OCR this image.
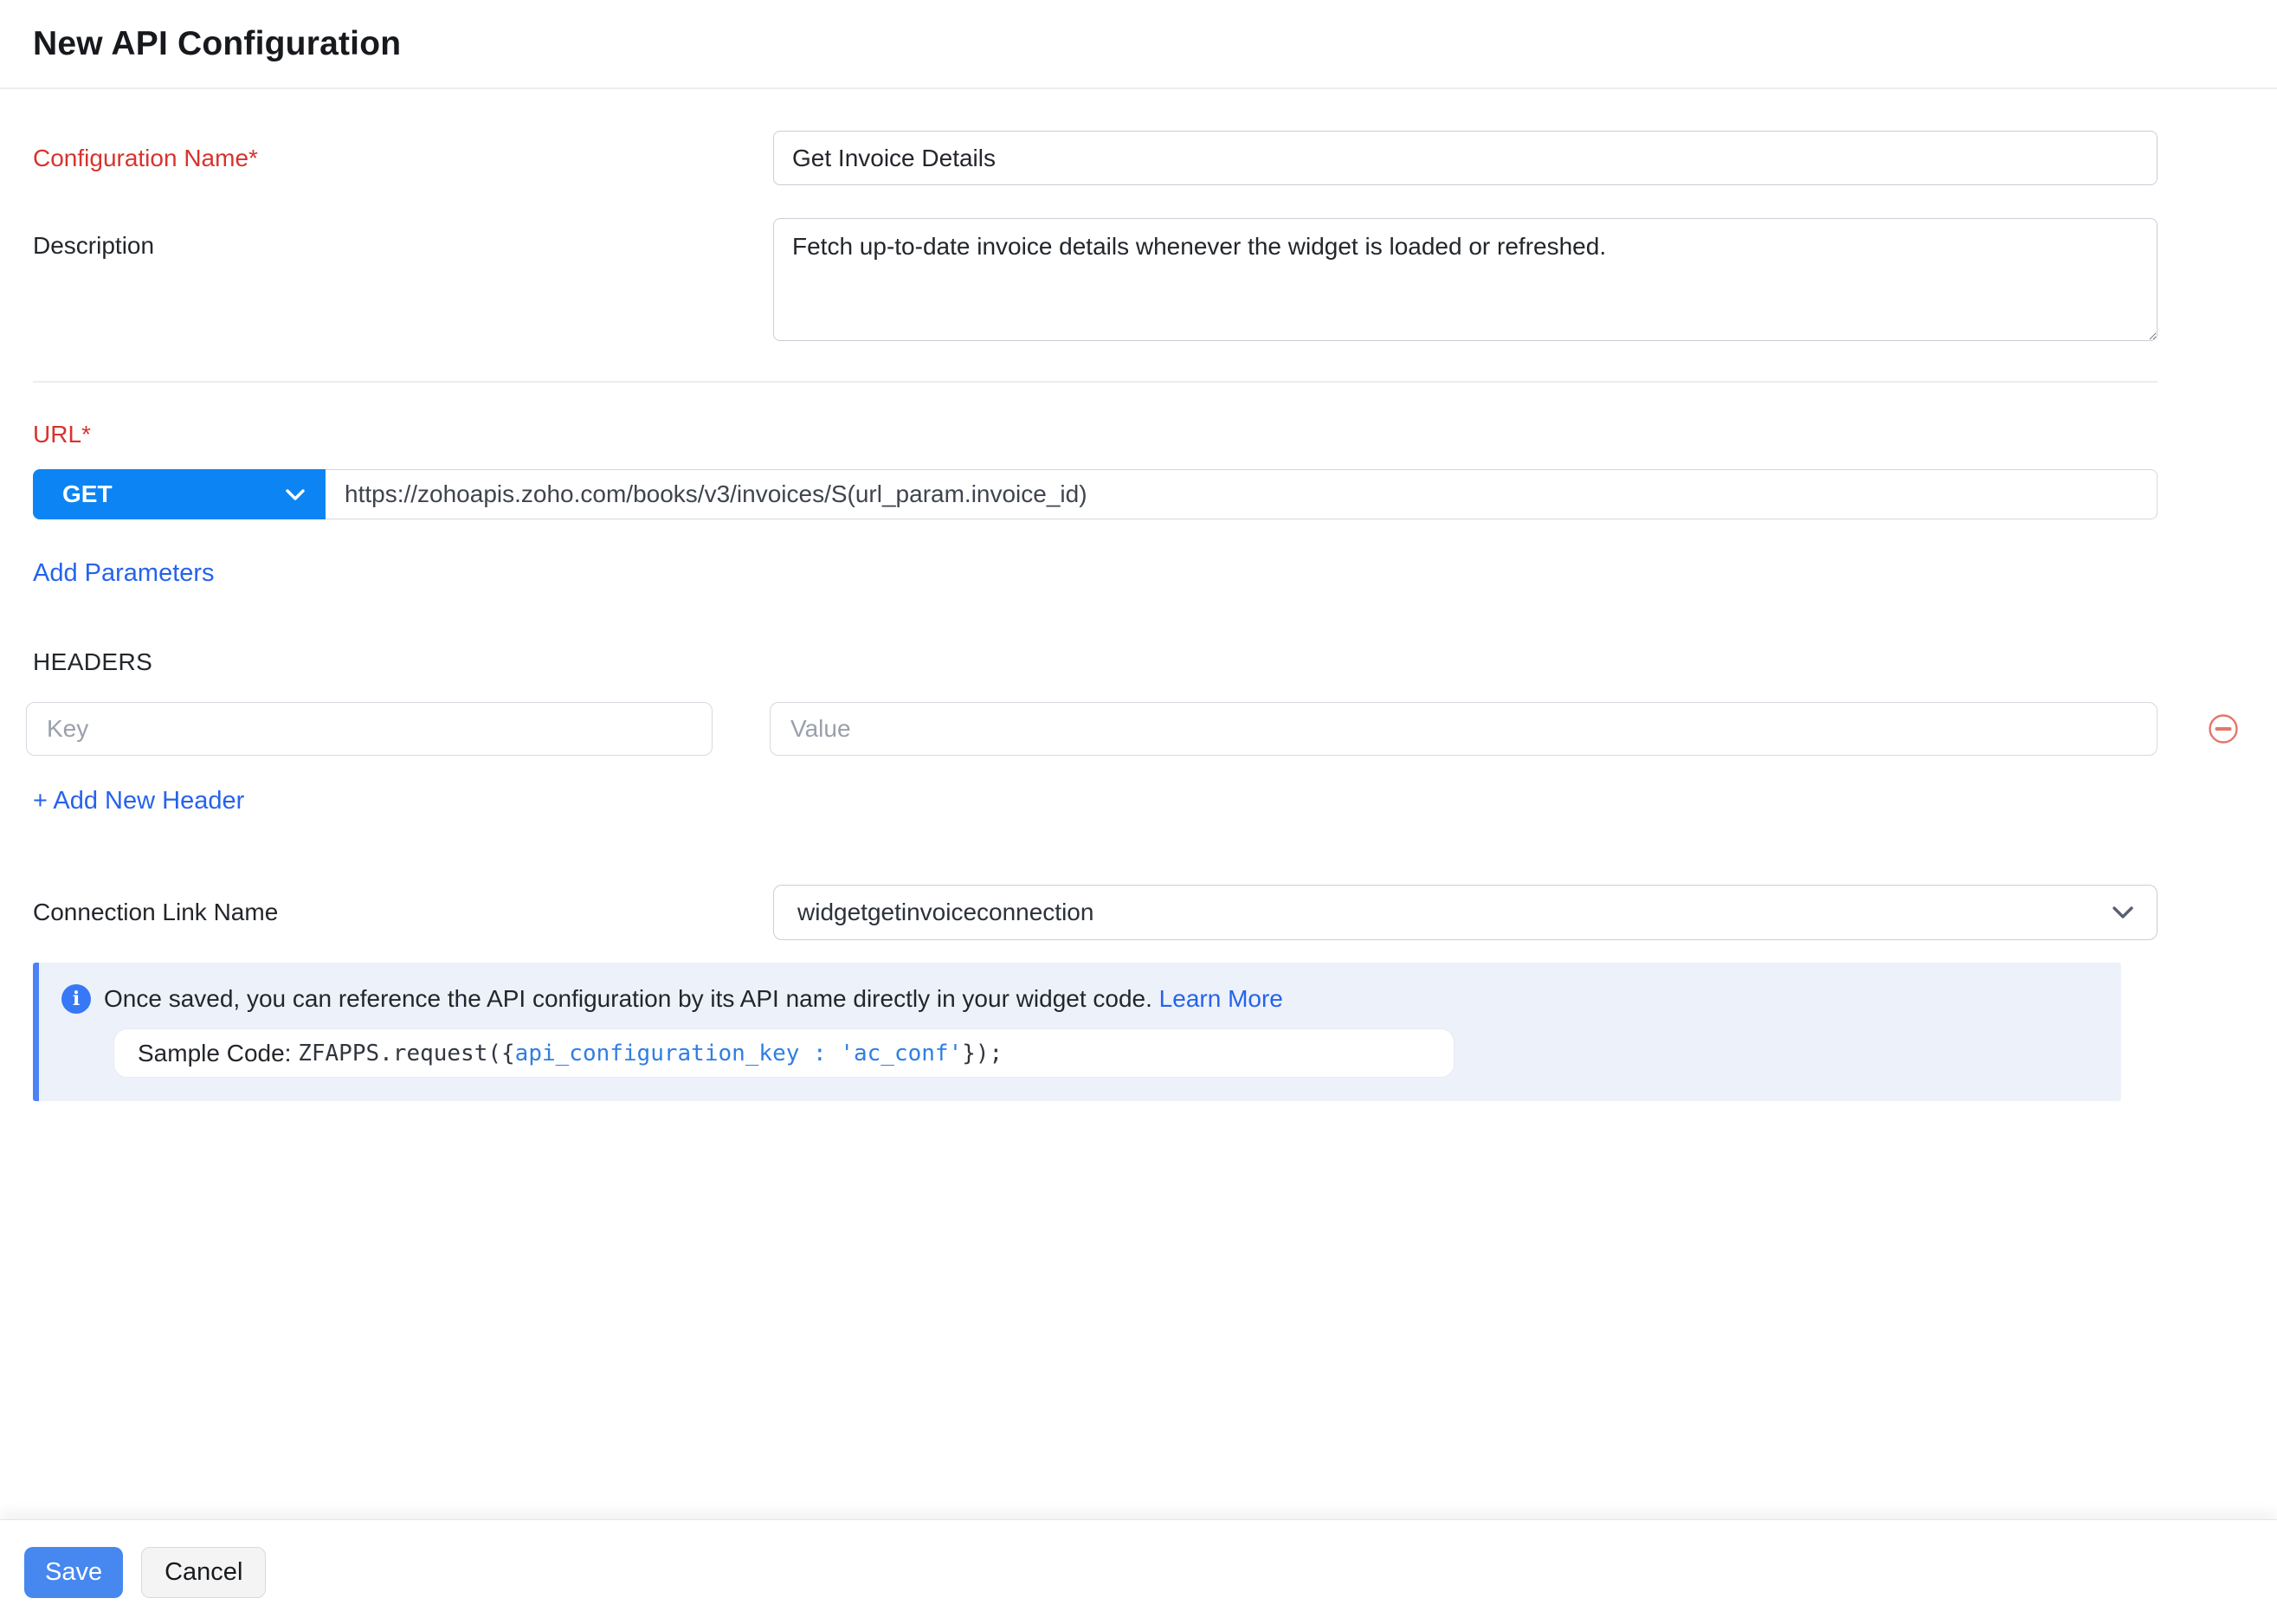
New API Configuration
Configuration Name*
Get Invoice Details
Description
Fetch up-to-date invoice details whenever the widget is loaded or refreshed.
URL*
GET
https://zohoapis.zoho.com/books/v3/invoices/S(url_param.invoice_id)
Add Parameters
HEADERS
Key
Value
+ Add New Header
Connection Link Name	widgetgetinvoiceconnection
i Once saved, you can reference the API configuration by its API name directly in your widget code. Learn More

Sample Code: ZFAPPS.request({api_configuration_key : 'ac_conf'});
Save	Cancel
